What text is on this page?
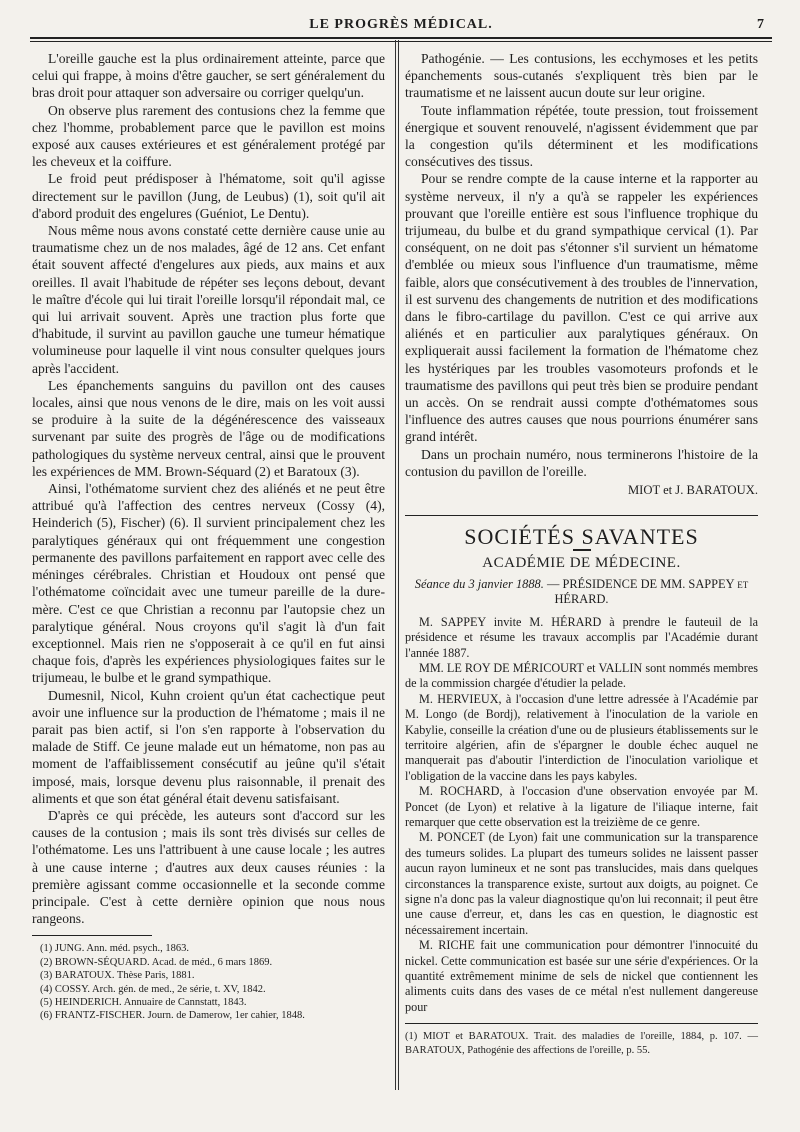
LE PROGRÈS MÉDICAL.	7

L'oreille gauche est la plus ordinairement atteinte, parce que celui qui frappe, à moins d'être gaucher, se sert généralement du bras droit pour attaquer son adversaire ou corriger quelqu'un.

On observe plus rarement des contusions chez la femme que chez l'homme, probablement parce que le pavillon est moins exposé aux causes extérieures et est généralement protégé par les cheveux et la coiffure.

Le froid peut prédisposer à l'hématome, soit qu'il agisse directement sur le pavillon (Jung, de Leubus) (1), soit qu'il ait d'abord produit des engelures (Guéniot, Le Dentu).

Nous même nous avons constaté cette dernière cause unie au traumatisme chez un de nos malades, âgé de 12 ans. Cet enfant était souvent affecté d'engelures aux pieds, aux mains et aux oreilles. Il avait l'habitude de répéter ses leçons debout, devant le maître d'école qui lui tirait l'oreille lorsqu'il répondait mal, ce qui lui arrivait souvent. Après une traction plus forte que d'habitude, il survint au pavillon gauche une tumeur hématique volumineuse pour laquelle il vint nous consulter quelques jours après l'accident.

Les épanchements sanguins du pavillon ont des causes locales, ainsi que nous venons de le dire, mais on les voit aussi se produire à la suite de la dégénérescence des vaisseaux survenant par suite des progrès de l'âge ou de modifications pathologiques du système nerveux central, ainsi que le prouvent les expériences de MM. Brown-Séquard (2) et Baratoux (3).

Ainsi, l'othématome survient chez des aliénés et ne peut être attribué qu'à l'affection des centres nerveux (Cossy (4), Heinderich (5), Fischer) (6). Il survient principalement chez les paralytiques généraux qui ont fréquemment une congestion permanente des pavillons parfaitement en rapport avec celle des méninges cérébrales. Christian et Houdoux ont pensé que l'othématome coïncidait avec une tumeur pareille de la dure-mère. C'est ce que Christian a reconnu par l'autopsie chez un paralytique général. Nous croyons qu'il s'agit là d'un fait exceptionnel. Mais rien ne s'opposerait à ce qu'il en fut ainsi chaque fois, d'après les expériences physiologiques faites sur le trijumeau, le bulbe et le grand sympathique.

Dumesnil, Nicol, Kuhn croient qu'un état cachectique peut avoir une influence sur la production de l'hématome ; mais il ne parait pas bien actif, si l'on s'en rapporte à l'observation du malade de Stiff. Ce jeune malade eut un hématome, non pas au moment de l'affaiblissement consécutif au jeûne qu'il s'était imposé, mais, lorsque devenu plus raisonnable, il prenait des aliments et que son état général était devenu satisfaisant.

D'après ce qui précède, les auteurs sont d'accord sur les causes de la contusion ; mais ils sont très divisés sur celles de l'othématome. Les uns l'attribuent à une cause locale ; les autres à une cause interne ; d'autres aux deux causes réunies : la première agissant comme occasionnelle et la seconde comme principale. C'est à cette dernière opinion que nous nous rangeons.

(1) JUNG. Ann. méd. psych., 1863.
(2) BROWN-SÉQUARD. Acad. de méd., 6 mars 1869.
(3) BARATOUX. Thèse Paris, 1881.
(4) COSSY. Arch. gén. de med., 2e série, t. XV, 1842.
(5) HEINDERICH. Annuaire de Cannstatt, 1843.
(6) FRANTZ-FISCHER. Journ. de Damerow, 1er cahier, 1848.

Pathogénie. — Les contusions, les ecchymoses et les petits épanchements sous-cutanés s'expliquent très bien par le traumatisme et ne laissent aucun doute sur leur origine.

Toute inflammation répétée, toute pression, tout froissement énergique et souvent renouvelé, n'agissent évidemment que par la congestion qu'ils déterminent et les modifications consécutives des tissus.

Pour se rendre compte de la cause interne et la rapporter au système nerveux, il n'y a qu'à se rappeler les expériences prouvant que l'oreille entière est sous l'influence trophique du trijumeau, du bulbe et du grand sympathique cervical (1). Par conséquent, on ne doit pas s'étonner s'il survient un hématome d'emblée ou mieux sous l'influence d'un traumatisme, même faible, alors que consécutivement à des troubles de l'innervation, il est survenu des changements de nutrition et des modifications dans le fibro-cartilage du pavillon. C'est ce qui arrive aux aliénés et en particulier aux paralytiques généraux. On expliquerait aussi facilement la formation de l'hématome chez les hystériques par les troubles vasomoteurs profonds et le traumatisme des pavillons qui peut très bien se produire pendant un accès. On se rendrait aussi compte d'othématomes sous l'influence des autres causes que nous pourrions énumérer sans grand intérêt.

Dans un prochain numéro, nous terminerons l'histoire de la contusion du pavillon de l'oreille.

MIOT et J. BARATOUX.
SOCIÉTÉS SAVANTES
ACADÉMIE DE MÉDECINE.
Séance du 3 janvier 1888. — PRÉSIDENCE DE MM. SAPPEY et HÉRARD.

M. SAPPEY invite M. HÉRARD à prendre le fauteuil de la présidence et résume les travaux accomplis par l'Académie durant l'année 1887.

MM. LE ROY DE MÉRICOURT et VALLIN sont nommés membres de la commission chargée d'étudier la pelade.

M. HERVIEUX, à l'occasion d'une lettre adressée à l'Académie par M. Longo (de Bordj), relativement à l'inoculation de la variole en Kabylie, conseille la création d'une ou de plusieurs établissements sur le territoire algérien, afin de s'épargner le double échec auquel ne manquerait pas d'aboutir l'interdiction de l'inoculation variolique et l'obligation de la vaccine dans les pays kabyles.

M. ROCHARD, à l'occasion d'une observation envoyée par M. Poncet (de Lyon) et relative à la ligature de l'iliaque interne, fait remarquer que cette observation est la treizième de ce genre.

M. PONCET (de Lyon) fait une communication sur la transparence des tumeurs solides. La plupart des tumeurs solides ne laissent passer aucun rayon lumineux et ne sont pas translucides, mais dans quelques circonstances la transparence existe, surtout aux doigts, au poignet. Ce signe n'a donc pas la valeur diagnostique qu'on lui reconnait; il peut être une cause d'erreur, et, dans les cas en question, le diagnostic est nécessairement incertain.

M. RICHE fait une communication pour démontrer l'innocuité du nickel. Cette communication est basée sur une série d'expériences. Or la quantité extrêmement minime de sels de nickel que contiennent les aliments cuits dans des vases de ce métal n'est nullement dangereuse pour

(1) MIOT et BARATOUX. Trait. des maladies de l'oreille, 1884, p. 107. — BARATOUX, Pathogénie des affections de l'oreille, p. 55.
